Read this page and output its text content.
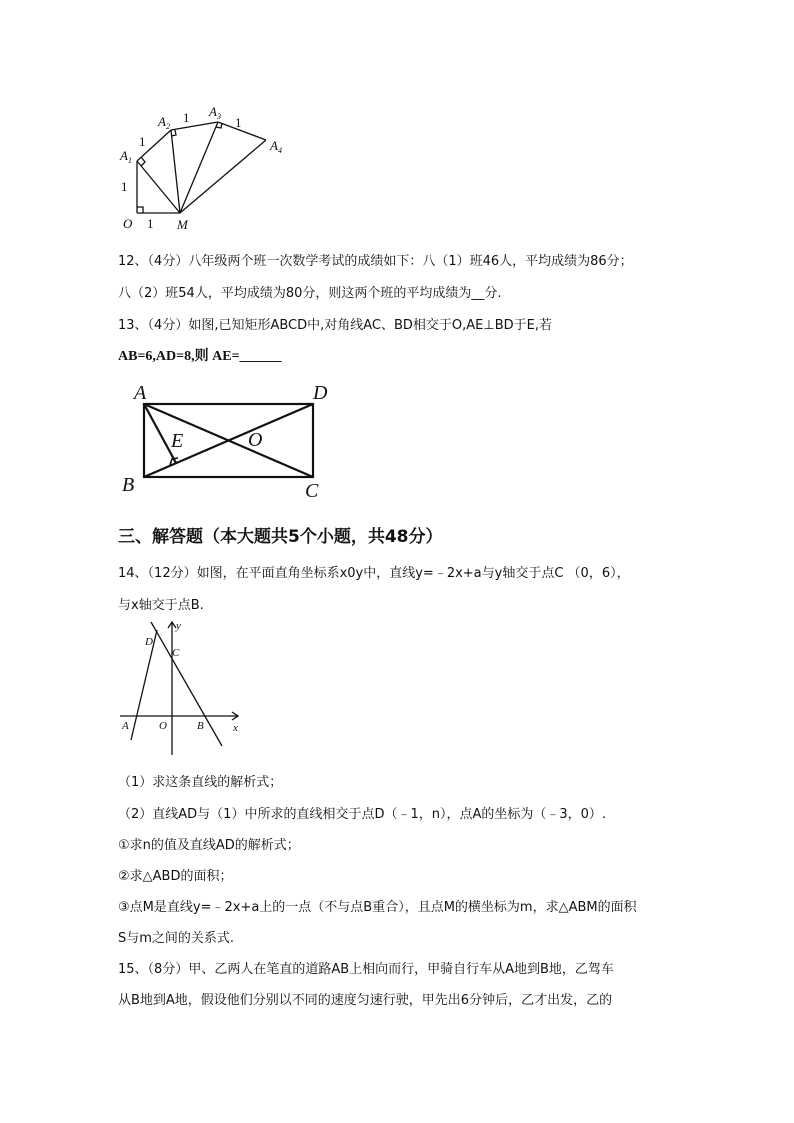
$A_1$
$A_2$
$A_3$
$A_4$
O	M
1
1	1
1
1
12、（4分）八年级两个班一次数学考试的成绩如下：八（1）班46人，平均成绩为86分；
八（2）班54人，平均成绩为80分，则这两个班的平均成绩为__分.
13、（4分）如图,已知矩形ABCD中,对角线AC、BD相交于O,AE⊥BD于E,若
AB=6,AD=8,则 AE=______
A	D
B	C
E	O
三、解答题（本大题共5个小题，共48分）
14、（12分）如图，在平面直角坐标系x0y中，直线y=﹣2x+a与y轴交于点C （0，6），
与x轴交于点B.
y
x
D
C
A	O	B
（1）求这条直线的解析式；
（2）直线AD与（1）中所求的直线相交于点D（﹣1，n），点A的坐标为（﹣3，0）.
①求n的值及直线AD的解析式；
②求△ABD的面积；
③点M是直线y=﹣2x+a上的一点（不与点B重合），且点M的横坐标为m，求△ABM的面积
S与m之间的关系式.
15、（8分）甲、乙两人在笔直的道路AB上相向而行，甲骑自行车从A地到B地，乙驾车
从B地到A地，假设他们分别以不同的速度匀速行驶，甲先出6分钟后，乙才出发，乙的
